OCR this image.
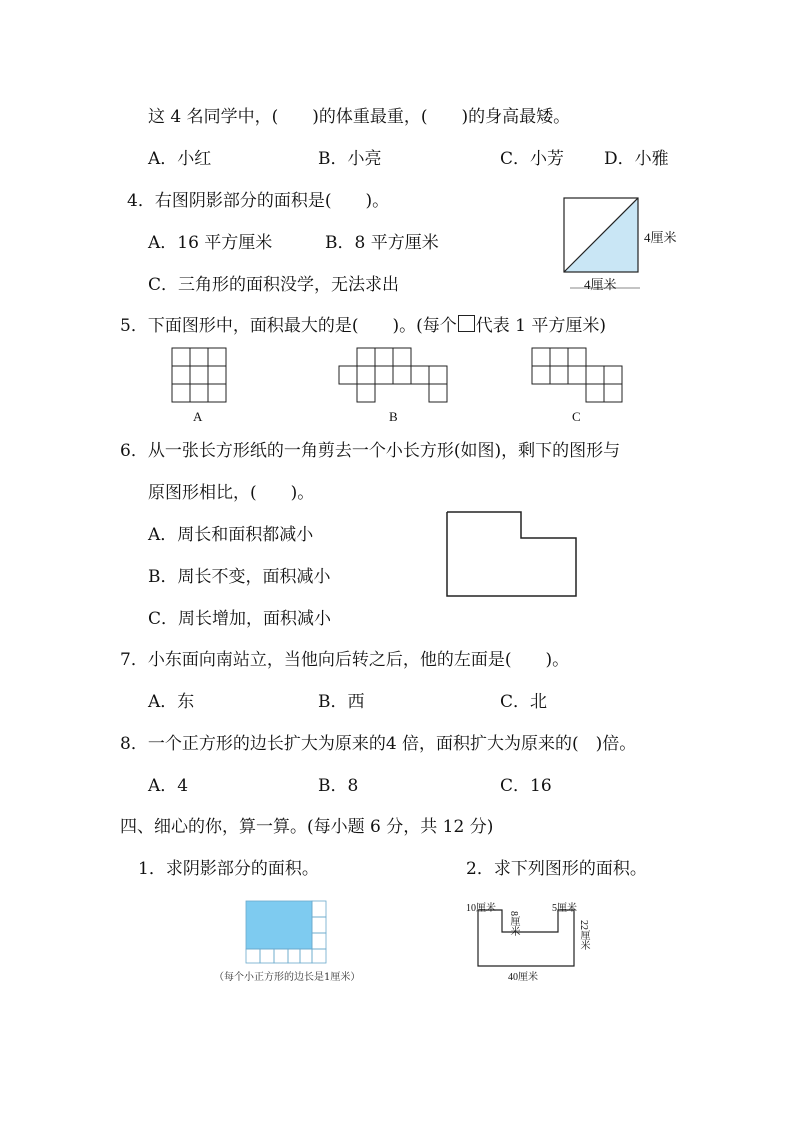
这 4 名同学中，(　　)的体重最重，(　　)的身高最矮。
A．小红	B．小亮	C．小芳 D．小雅
4．右图阴影部分的面积是(　　)。
A．16 平方厘米	B．8 平方厘米
C．三角形的面积没学，无法求出
4厘米
4厘米
5．下面图形中，面积最大的是(　　)。(每个 代表 1 平方厘米)
A	B	C
6．从一张长方形纸的一角剪去一个小长方形(如图)，剩下的图形与
原图形相比，(　　)。
A．周长和面积都减小
B．周长不变，面积减小
C．周长增加，面积减小
7．小东面向南站立，当他向后转之后，他的左面是(　　)。
A．东	B．西	C．北
8．一个正方形的边长扩大为原来的4 倍，面积扩大为原来的(　)倍。
A．4	B．8	C．16
四、细心的你，算一算。(每小题 6 分，共 12 分)
1．求阴影部分的面积。	2．求下列图形的面积。
（每个小正方形的边长是1厘米）
10厘米	5厘米
8厘米	22厘米
40厘米
